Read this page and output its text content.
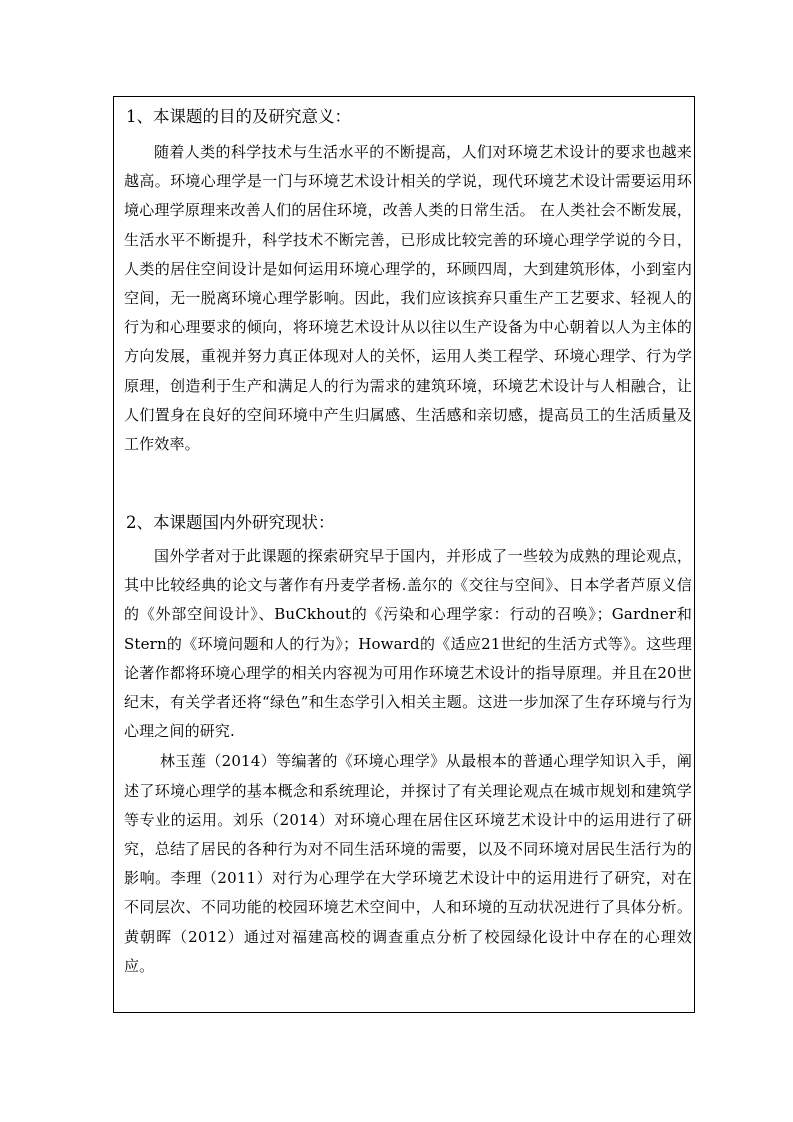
1、本课题的目的及研究意义：

随着人类的科学技术与生活水平的不断提高，人们对环境艺术设计的要求也越来越高。环境心理学是一门与环境艺术设计相关的学说，现代环境艺术设计需要运用环境心理学原理来改善人们的居住环境，改善人类的日常生活。 在人类社会不断发展，生活水平不断提升，科学技术不断完善，已形成比较完善的环境心理学学说的今日，人类的居住空间设计是如何运用环境心理学的，环顾四周，大到建筑形体，小到室内空间，无一脱离环境心理学影响。因此，我们应该摈弃只重生产工艺要求、轻视人的行为和心理要求的倾向，将环境艺术设计从以往以生产设备为中心朝着以人为主体的方向发展，重视并努力真正体现对人的关怀，运用人类工程学、环境心理学、行为学原理，创造利于生产和满足人的行为需求的建筑环境，环境艺术设计与人相融合，让人们置身在良好的空间环境中产生归属感、生活感和亲切感，提高员工的生活质量及工作效率。

2、本课题国内外研究现状：

国外学者对于此课题的探索研究早于国内，并形成了一些较为成熟的理论观点，其中比较经典的论文与著作有丹麦学者杨.盖尔的《交往与空间》、日本学者芦原义信的《外部空间设计》、BuCkhout的《污染和心理学家：行动的召唤》；Gardner和Stern的《环境问题和人的行为》；Howard的《适应21世纪的生活方式等》。这些理论著作都将环境心理学的相关内容视为可用作环境艺术设计的指导原理。并且在20世纪末，有关学者还将“绿色”和生态学引入相关主题。这进一步加深了生存环境与行为心理之间的研究.

林玉莲（2014）等编著的《环境心理学》从最根本的普通心理学知识入手，阐述了环境心理学的基本概念和系统理论，并探讨了有关理论观点在城市规划和建筑学等专业的运用。刘乐（2014）对环境心理在居住区环境艺术设计中的运用进行了研究，总结了居民的各种行为对不同生活环境的需要，以及不同环境对居民生活行为的影响。李理（2011）对行为心理学在大学环境艺术设计中的运用进行了研究，对在不同层次、不同功能的校园环境艺术空间中，人和环境的互动状况进行了具体分析。黄朝晖（2012）通过对福建高校的调查重点分析了校园绿化设计中存在的心理效应。
